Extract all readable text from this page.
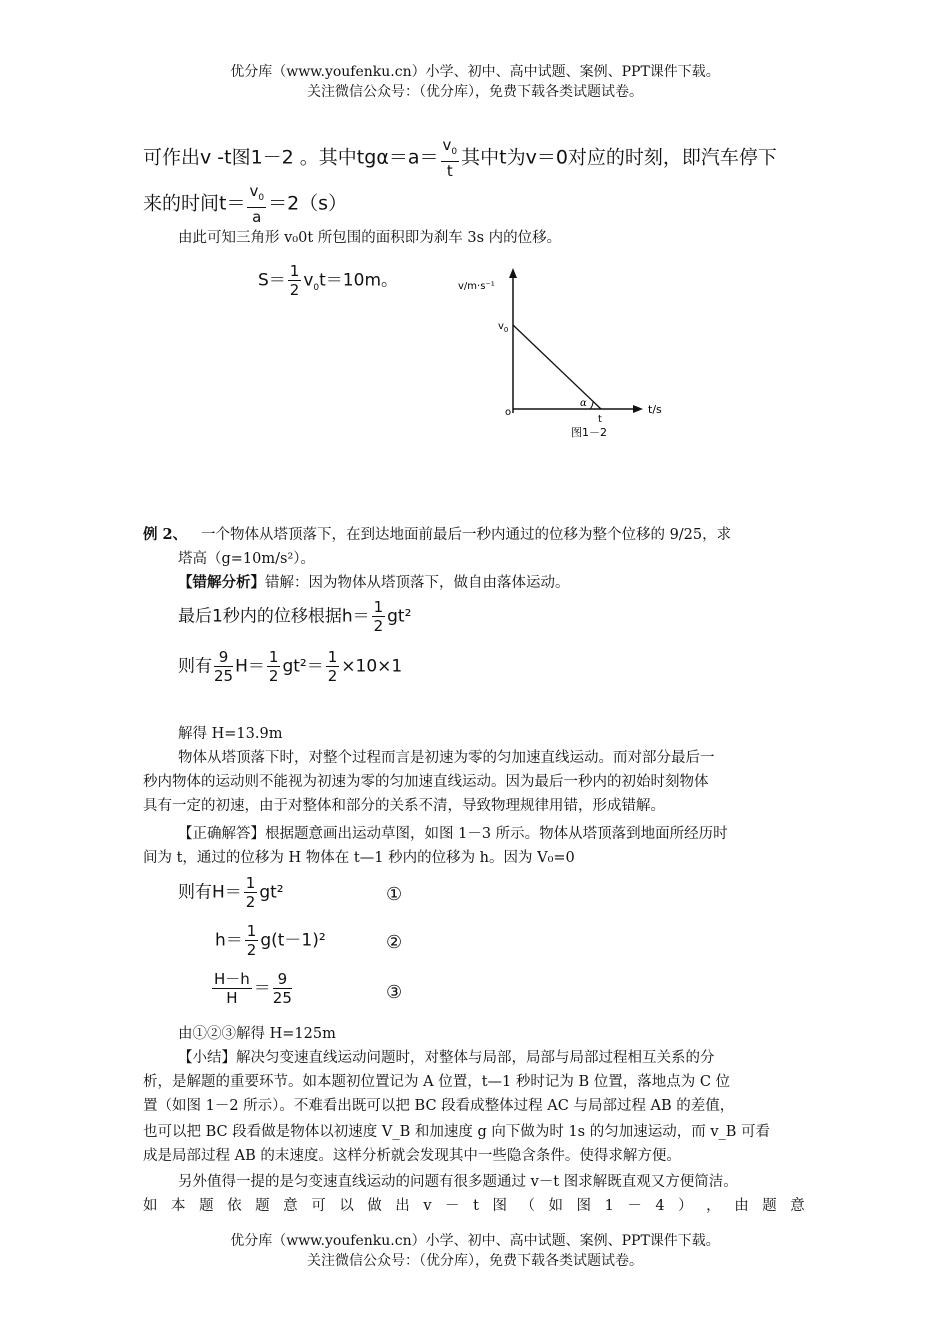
优分库（www.youfenku.cn）小学、初中、高中试题、案例、PPT课件下载。
关注微信公众号：（优分库），免费下载各类试题试卷。
可作出v -t图1－2 。其中$tg\alpha=a= \frac{v_0}{t}$ 其中t为v＝0对应的时刻，即汽车停下
来的时间$t= \frac{v_0}{a} =2(s)$
由此可知三角形 v₀0t 所包围的面积即为刹车 3s 内的位移。
$S= \frac{1}{2} v_0t=10m$。	v/m·s⁻¹
$v_0$
o
α
t
t/s
图1－2
例 2、 一个物体从塔顶落下，在到达地面前最后一秒内通过的位移为整个位移的 9/25，求
塔高（g=10m/s²）。
【错解分析】错解：因为物体从塔顶落下，做自由落体运动。
最后1秒内的位移根据$h= \frac{1}{2} gt^2$
则有 $\frac{9}{25} H= \frac{1}{2} gt^2= \frac{1}{2} \times 10\times 1$
解得 H=13.9m
物体从塔顶落下时，对整个过程而言是初速为零的匀加速直线运动。而对部分最后一
秒内物体的运动则不能视为初速为零的匀加速直线运动。因为最后一秒内的初始时刻物体
具有一定的初速，由于对整体和部分的关系不清，导致物理规律用错，形成错解。
【正确解答】根据题意画出运动草图，如图 1－3 所示。物体从塔顶落到地面所经历时
间为 t，通过的位移为 H 物体在 t—1 秒内的位移为 h。因为 V₀=0
则有$H= \frac{1}{2} gt^2$	①
$h= \frac{1}{2} g(t-1)^2$	②
$\frac{H-h}{H} = \frac{9}{25}$	③
由①②③解得 H=125m
【小结】解决匀变速直线运动问题时，对整体与局部，局部与局部过程相互关系的分
析，是解题的重要环节。如本题初位置记为 A 位置，t—1 秒时记为 B 位置，落地点为 C 位
置（如图 1－2 所示）。不难看出既可以把 BC 段看成整体过程 AC 与局部过程 AB 的差值，
也可以把 BC 段看做是物体以初速度 V_B 和加速度 g 向下做为时 1s 的匀加速运动，而 v_B 可看
成是局部过程 AB 的末速度。这样分析就会发现其中一些隐含条件。使得求解方便。
另外值得一提的是匀变速直线运动的问题有很多题通过 v－t 图求解既直观又方便简洁。
如 本 题 依 题 意 可 以 做 出 v － t 图 （ 如 图 1 － 4 ） ， 由 题 意
优分库（www.youfenku.cn）小学、初中、高中试题、案例、PPT课件下载。
关注微信公众号：（优分库），免费下载各类试题试卷。
